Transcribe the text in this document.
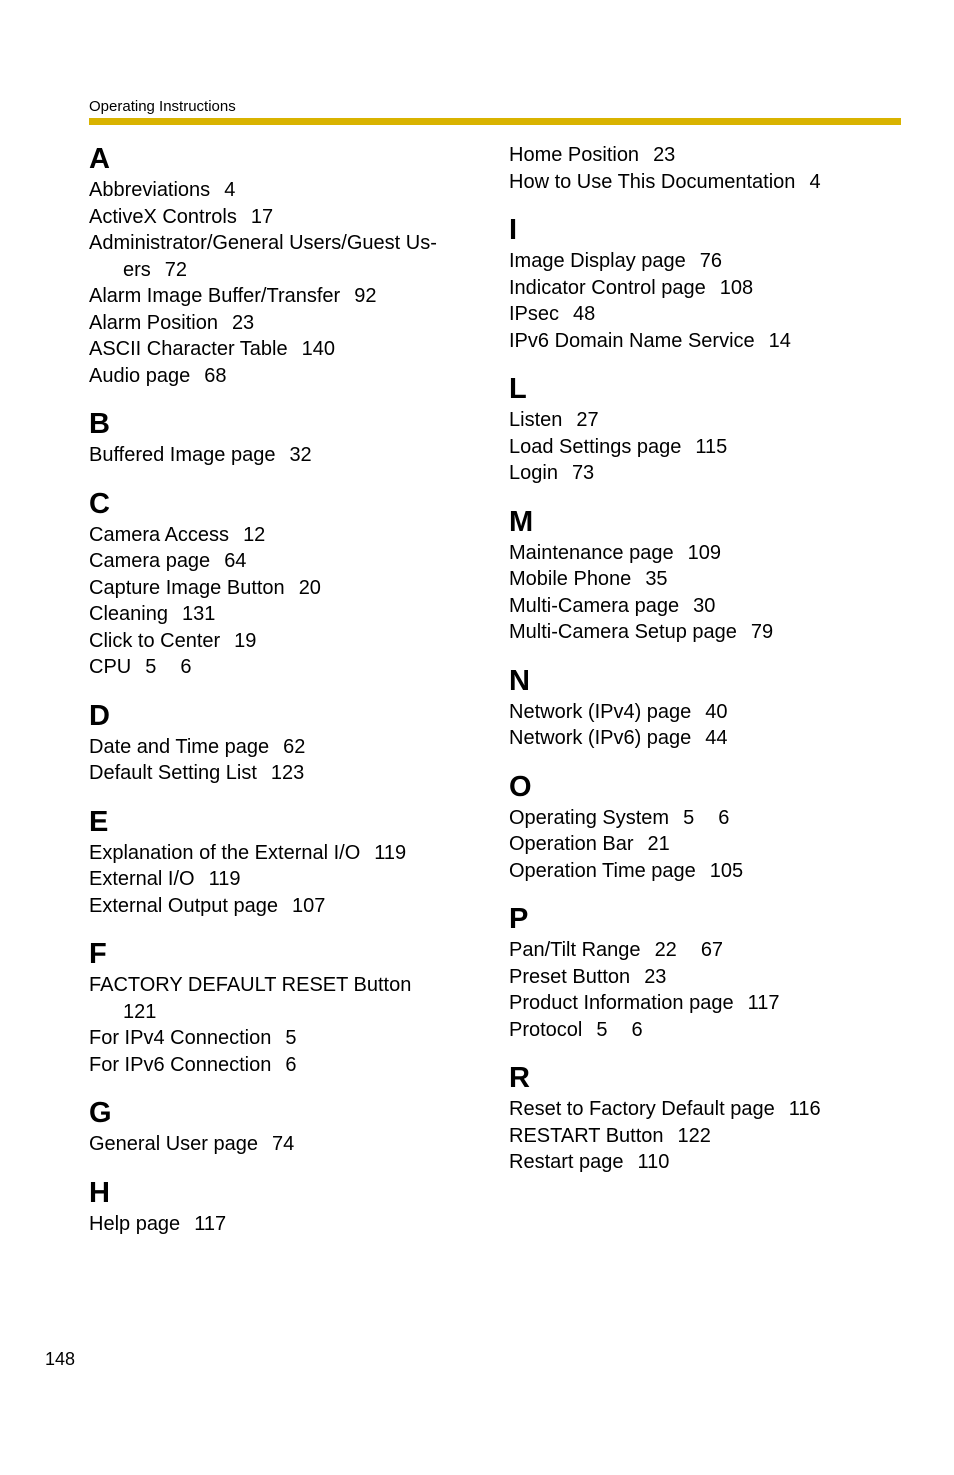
Operating Instructions
A
Abbreviations 4
ActiveX Controls 17
Administrator/General Users/Guest Us-
ers 72
Alarm Image Buffer/Transfer 92
Alarm Position 23
ASCII Character Table 140
Audio page 68
B
Buffered Image page 32
C
Camera Access 12
Camera page 64
Capture Image Button 20
Cleaning 131
Click to Center 19
CPU 5 6
D
Date and Time page 62
Default Setting List 123
E
Explanation of the External I/O 119
External I/O 119
External Output page 107
F
FACTORY DEFAULT RESET Button
121
For IPv4 Connection 5
For IPv6 Connection 6
G
General User page 74
H
Help page 117
Home Position 23
How to Use This Documentation 4
I
Image Display page 76
Indicator Control page 108
IPsec 48
IPv6 Domain Name Service 14
L
Listen 27
Load Settings page 115
Login 73
M
Maintenance page 109
Mobile Phone 35
Multi-Camera page 30
Multi-Camera Setup page 79
N
Network (IPv4) page 40
Network (IPv6) page 44
O
Operating System 5 6
Operation Bar 21
Operation Time page 105
P
Pan/Tilt Range 22 67
Preset Button 23
Product Information page 117
Protocol 5 6
R
Reset to Factory Default page 116
RESTART Button 122
Restart page 110
148
